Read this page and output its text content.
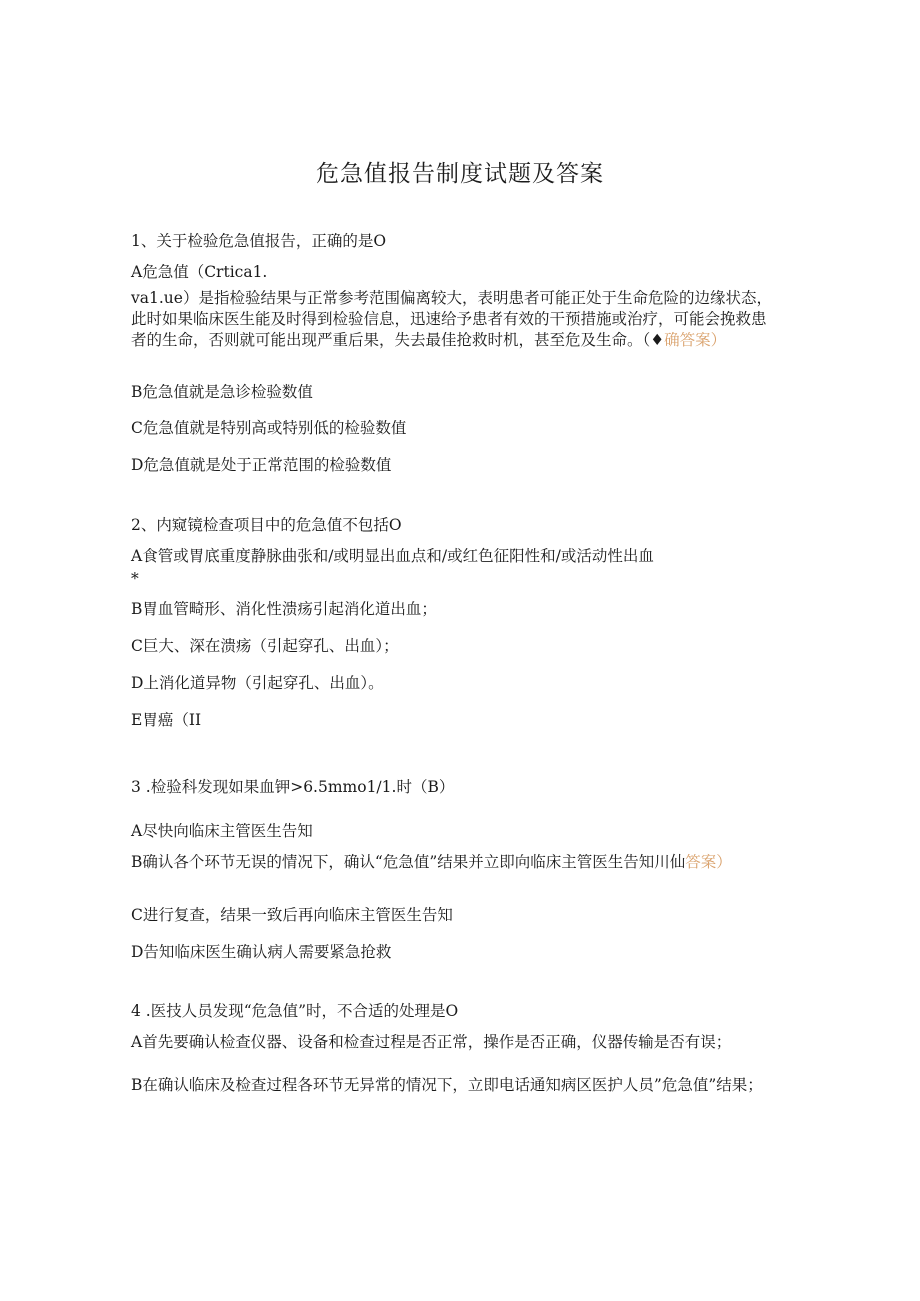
危急值报告制度试题及答案
1、关于检验危急值报告，正确的是O
A危急值（Crtica1.
va1.ue）是指检验结果与正常参考范围偏离较大，表明患者可能正处于生命危险的边缘状态，此时如果临床医生能及时得到检验信息，迅速给予患者有效的干预措施或治疗，可能会挽救患者的生命，否则就可能出现严重后果，失去最佳抢救时机，甚至危及生命。（♦确答案）
B危急值就是急诊检验数值
C危急值就是特别高或特别低的检验数值
D危急值就是处于正常范围的检验数值
2、内窥镜检查项目中的危急值不包括O
A食管或胃底重度静脉曲张和/或明显出血点和/或红色征阳性和/或活动性出血
*
B胃血管畸形、消化性溃疡引起消化道出血；
C巨大、深在溃疡（引起穿孔、出血）；
D上消化道异物（引起穿孔、出血）。
E胃癌（II
3	.检验科发现如果血钾>6.5mmo1∕1.时（B）
A尽快向临床主管医生告知
B确认各个环节无误的情况下，确认“危急值”结果并立即向临床主管医生告知川仙答案）
C进行复查，结果一致后再向临床主管医生告知
D告知临床医生确认病人需要紧急抢救
4	.医技人员发现“危急值”时，不合适的处理是O
A首先要确认检查仪器、设备和检查过程是否正常，操作是否正确，仪器传输是否有误；
B在确认临床及检查过程各环节无异常的情况下，立即电话通知病区医护人员”危急值”结果；
